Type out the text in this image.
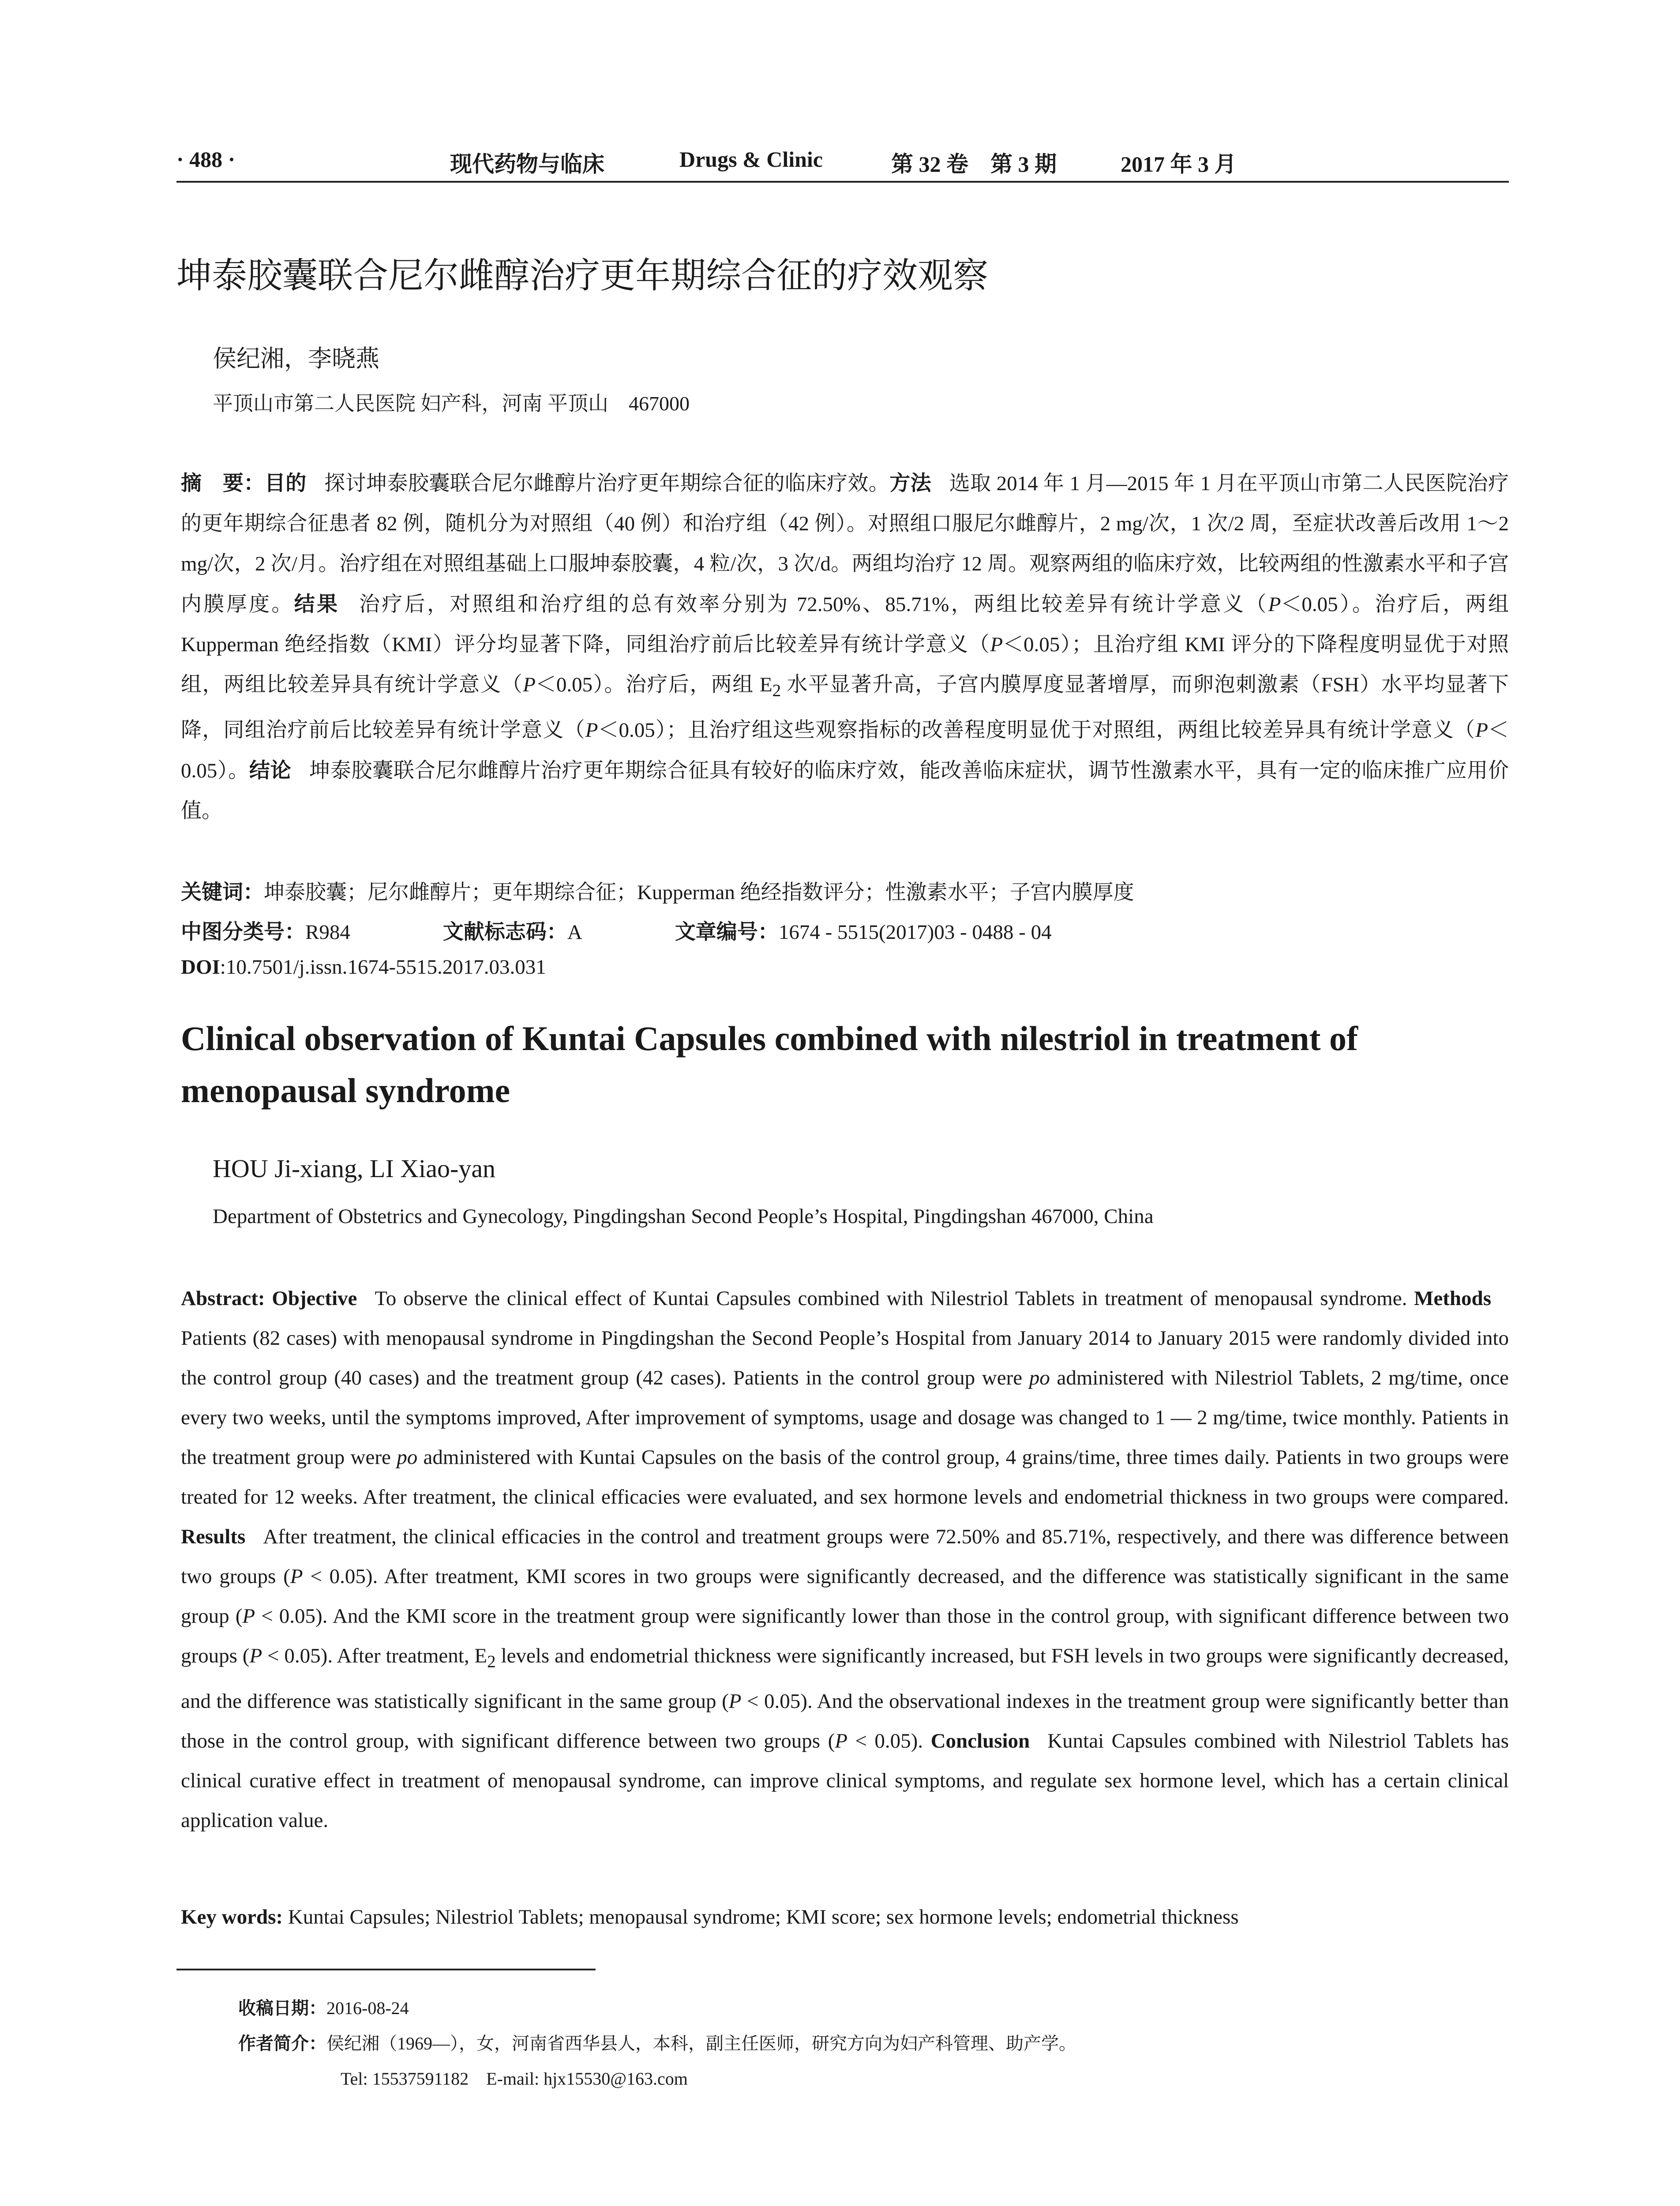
· 488 ·	现代药物与临床	Drugs & Clinic	第 32 卷　第 3 期	2017 年 3 月
坤泰胶囊联合尼尔雌醇治疗更年期综合征的疗效观察
侯纪湘，李晓燕
平顶山市第二人民医院 妇产科，河南 平顶山　467000
摘　要：目的 探讨坤泰胶囊联合尼尔雌醇片治疗更年期综合征的临床疗效。方法 选取 2014 年 1 月—2015 年 1 月在平顶山市第二人民医院治疗的更年期综合征患者 82 例，随机分为对照组（40 例）和治疗组（42 例）。对照组口服尼尔雌醇片，2 mg/次，1 次/2 周，至症状改善后改用 1～2 mg/次，2 次/月。治疗组在对照组基础上口服坤泰胶囊，4 粒/次，3 次/d。两组均治疗 12 周。观察两组的临床疗效，比较两组的性激素水平和子宫内膜厚度。结果 治疗后，对照组和治疗组的总有效率分别为 72.50%、85.71%，两组比较差异有统计学意义（P＜0.05）。治疗后，两组 Kupperman 绝经指数（KMI）评分均显著下降，同组治疗前后比较差异有统计学意义（P＜0.05）；且治疗组 KMI 评分的下降程度明显优于对照组，两组比较差异具有统计学意义（P＜0.05）。治疗后，两组 $E_2$ 水平显著升高，子宫内膜厚度显著增厚，而卵泡刺激素（FSH）水平均显著下降，同组治疗前后比较差异有统计学意义（P＜0.05）；且治疗组这些观察指标的改善程度明显优于对照组，两组比较差异具有统计学意义（P＜0.05）。结论 坤泰胶囊联合尼尔雌醇片治疗更年期综合征具有较好的临床疗效，能改善临床症状，调节性激素水平，具有一定的临床推广应用价值。
关键词：坤泰胶囊；尼尔雌醇片；更年期综合征；Kupperman 绝经指数评分；性激素水平；子宫内膜厚度
中图分类号：R984	文献标志码：A	文章编号：1674 - 5515(2017)03 - 0488 - 04
DOI:10.7501/j.issn.1674-5515.2017.03.031
Clinical observation of Kuntai Capsules combined with nilestriol in treatment of menopausal syndrome
HOU Ji-xiang, LI Xiao-yan
Department of Obstetrics and Gynecology, Pingdingshan Second People’s Hospital, Pingdingshan 467000, China
Abstract: Objective To observe the clinical effect of Kuntai Capsules combined with Nilestriol Tablets in treatment of menopausal syndrome. MethodsPatients (82 cases) with menopausal syndrome in Pingdingshan the Second People’s Hospital from January 2014 to January 2015 were randomly divided into the control group (40 cases) and the treatment group (42 cases). Patients in the control group were po administered with Nilestriol Tablets, 2 mg/time, once every two weeks, until the symptoms improved, After improvement of symptoms, usage and dosage was changed to 1 — 2 mg/time, twice monthly. Patients in the treatment group were po administered with Kuntai Capsules on the basis of the control group, 4 grains/time, three times daily. Patients in two groups were treated for 12 weeks. After treatment, the clinical efficacies were evaluated, and sex hormone levels and endometrial thickness in two groups were compared. Results After treatment, the clinical efficacies in the control and treatment groups were 72.50% and 85.71%, respectively, and there was difference between two groups (P < 0.05). After treatment, KMI scores in two groups were significantly decreased, and the difference was statistically significant in the same group (P < 0.05). And the KMI score in the treatment group were significantly lower than those in the control group, with significant difference between two groups (P < 0.05). After treatment, $E_2$ levels and endometrial thickness were significantly increased, but FSH levels in two groups were significantly decreased, and the difference was statistically significant in the same group (P < 0.05). And the observational indexes in the treatment group were significantly better than those in the control group, with significant difference between two groups (P < 0.05). Conclusion Kuntai Capsules combined with Nilestriol Tablets has clinical curative effect in treatment of menopausal syndrome, can improve clinical symptoms, and regulate sex hormone level, which has a certain clinical application value.
Key words: Kuntai Capsules; Nilestriol Tablets; menopausal syndrome; KMI score; sex hormone levels; endometrial thickness
收稿日期：2016-08-24
作者简介：侯纪湘（1969—），女，河南省西华县人，本科，副主任医师，研究方向为妇产科管理、助产学。
Tel: 15537591182　E-mail: hjx15530@163.com
